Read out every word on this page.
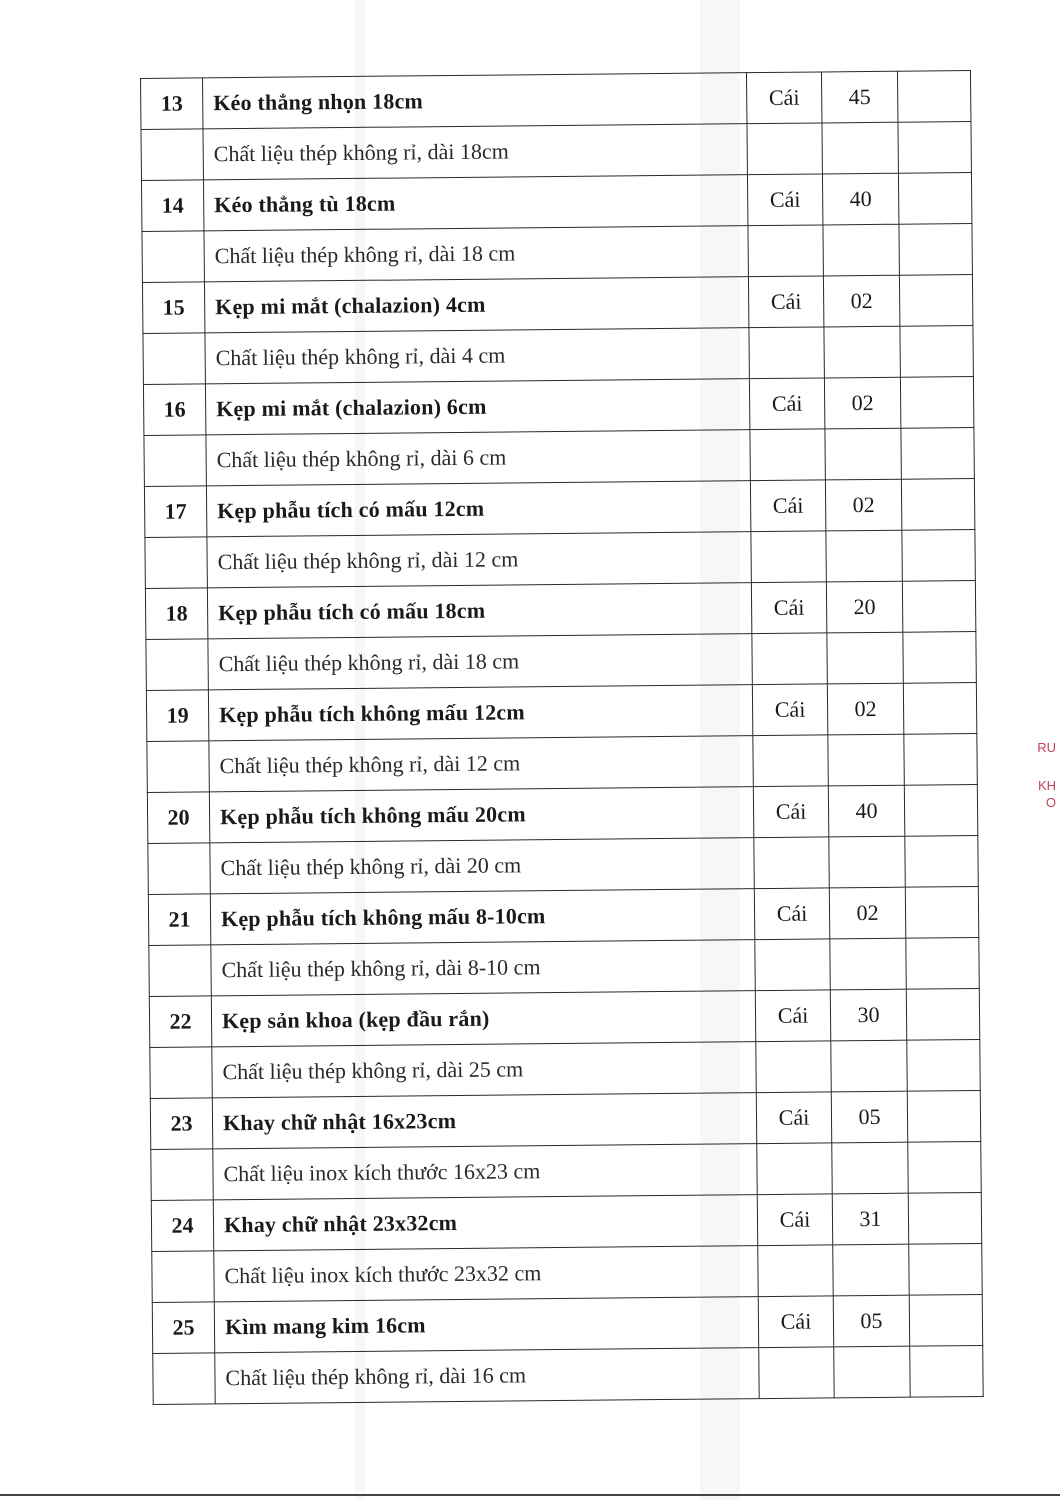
13	Kéo thẳng nhọn 18cm	Cái	45	
	Chất liệu thép không rỉ, dài 18cm			
14	Kéo thẳng tù 18cm	Cái	40	
	Chất liệu thép không rỉ, dài 18 cm			
15	Kẹp mi mắt (chalazion) 4cm	Cái	02	
	Chất liệu thép không rỉ, dài 4 cm			
16	Kẹp mi mắt (chalazion) 6cm	Cái	02	
	Chất liệu thép không rỉ, dài 6 cm			
17	Kẹp phẫu tích có mấu 12cm	Cái	02	
	Chất liệu thép không rỉ, dài 12 cm			
18	Kẹp phẫu tích có mấu 18cm	Cái	20	
	Chất liệu thép không rỉ, dài 18 cm			
19	Kẹp phẫu tích không mấu 12cm	Cái	02	
	Chất liệu thép không rỉ, dài 12 cm			
20	Kẹp phẫu tích không mấu 20cm	Cái	40	
	Chất liệu thép không rỉ, dài 20 cm			
21	Kẹp phẫu tích không mấu 8-10cm	Cái	02	
	Chất liệu thép không rỉ, dài 8-10 cm			
22	Kẹp sản khoa (kẹp đầu rắn)	Cái	30	
	Chất liệu thép không rỉ, dài 25 cm			
23	Khay chữ nhật 16x23cm	Cái	05	
	Chất liệu inox kích thước 16x23 cm			
24	Khay chữ nhật 23x32cm	Cái	31	
	Chất liệu inox kích thước 23x32 cm			
25	Kìm mang kim 16cm	Cái	05	
	Chất liệu thép không rỉ, dài 16 cm			
RU
KH
O
